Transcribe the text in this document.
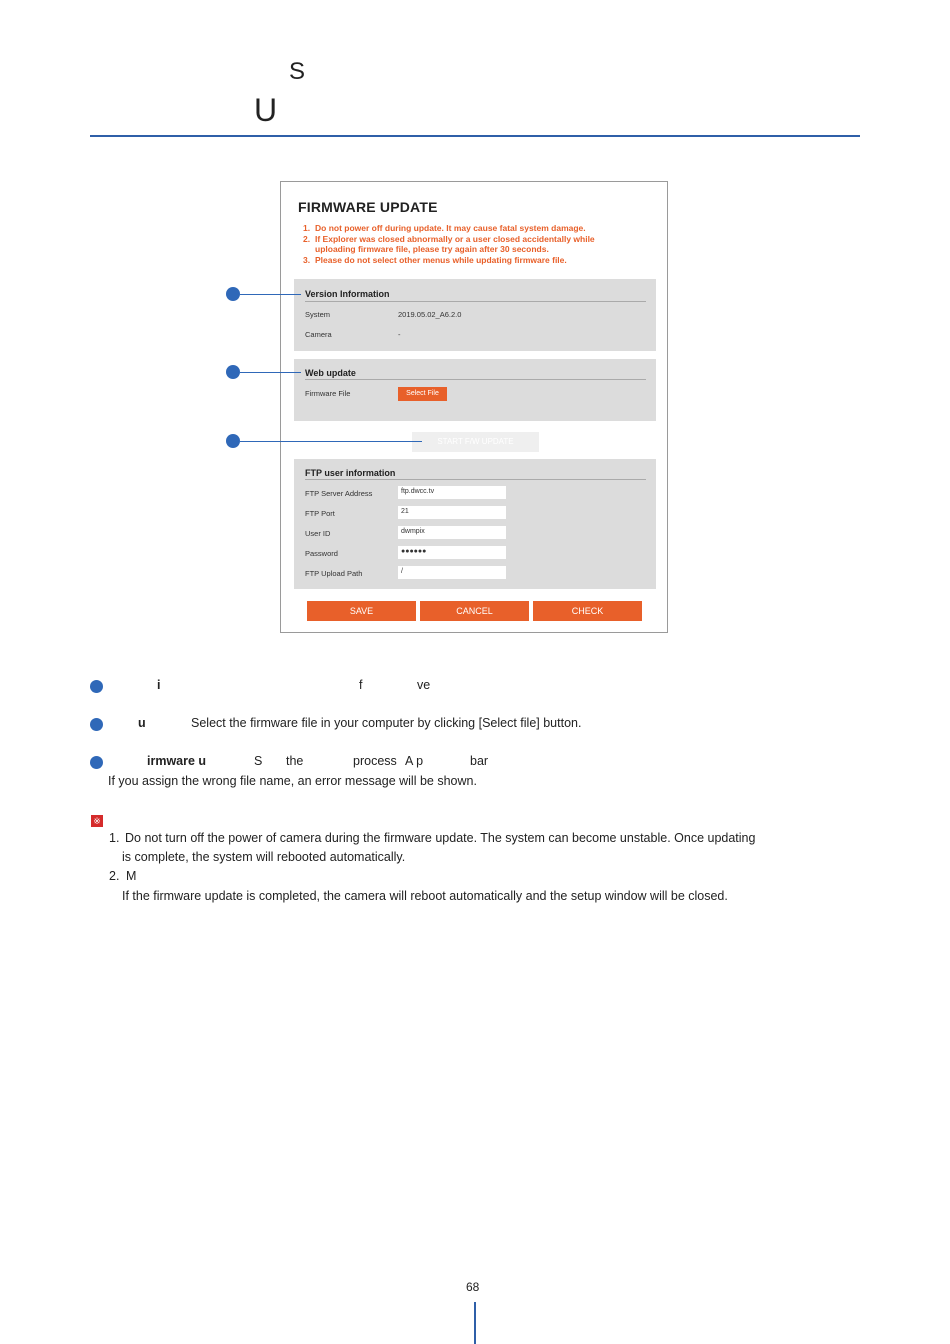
S
U
FIRMWARE UPDATE
1. Do not power off during update. It may cause fatal system damage.
2. If Explorer was closed abnormally or a user closed accidentally while
uploading firmware file, please try again after 30 seconds.
3. Please do not select other menus while updating firmware file.
Version Information
System	2019.05.02_A6.2.0
Camera	-
Web update
Firmware File	Select File
START F/W UPDATE
FTP user information
FTP Server Address	ftp.dwcc.tv
FTP Port	21
User ID	dwmpix
Password	●●●●●●
FTP Upload Path	/
SAVE	CANCEL	CHECK
i	f	ve
u	Select the firmware file in your computer by clicking [Select file] button.
irmware u	S the	process A p	bar
If you assign the wrong file name, an error message will be shown.
※
1. Do not turn off the power of camera during the firmware update. The system can become unstable. Once updating
is complete, the system will rebooted automatically.
2. M
If the firmware update is completed, the camera will reboot automatically and the setup window will be closed.
68
